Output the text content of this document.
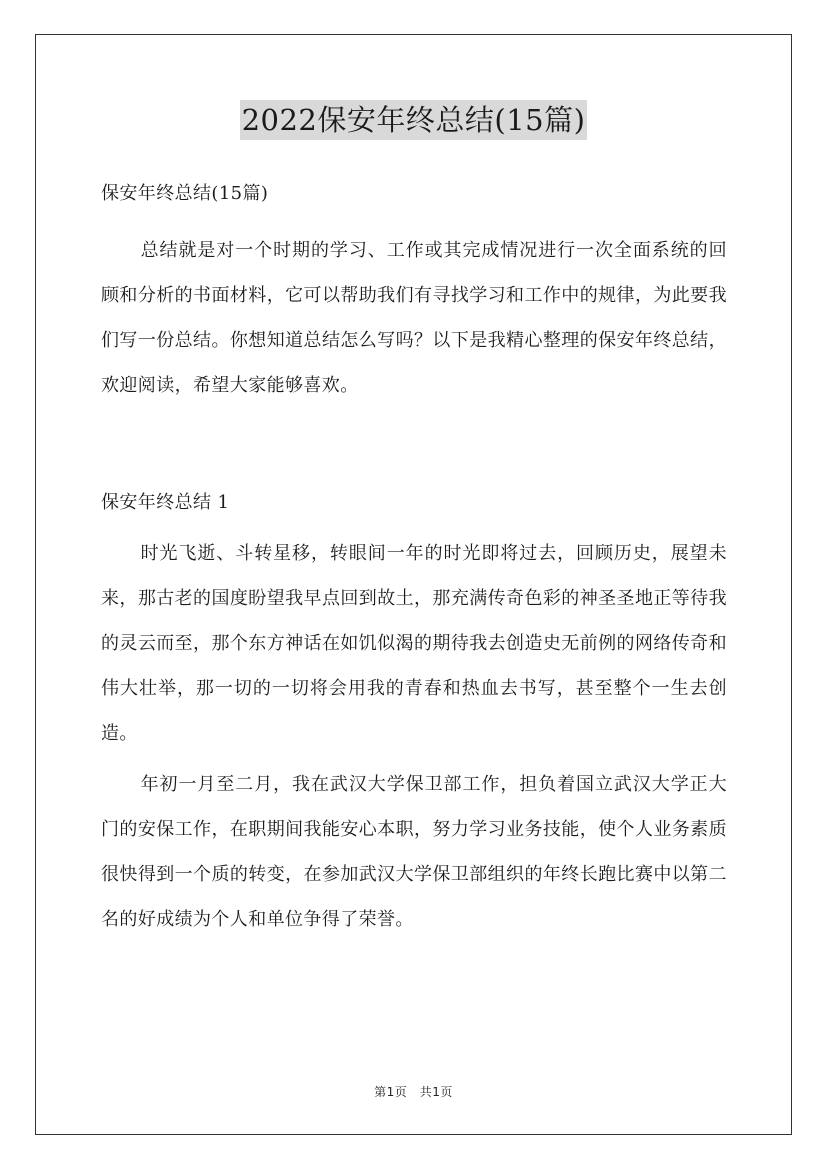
2022保安年终总结(15篇)

保安年终总结(15篇)

总结就是对一个时期的学习、工作或其完成情况进行一次全面系统的回顾和分析的书面材料，它可以帮助我们有寻找学习和工作中的规律，为此要我们写一份总结。你想知道总结怎么写吗？以下是我精心整理的保安年终总结，欢迎阅读，希望大家能够喜欢。

保安年终总结 1

时光飞逝、斗转星移，转眼间一年的时光即将过去，回顾历史，展望未来，那古老的国度盼望我早点回到故土，那充满传奇色彩的神圣圣地正等待我的灵云而至，那个东方神话在如饥似渴的期待我去创造史无前例的网络传奇和伟大壮举，那一切的一切将会用我的青春和热血去书写，甚至整个一生去创造。

年初一月至二月，我在武汉大学保卫部工作，担负着国立武汉大学正大门的安保工作，在职期间我能安心本职，努力学习业务技能，使个人业务素质很快得到一个质的转变，在参加武汉大学保卫部组织的年终长跑比赛中以第二名的好成绩为个人和单位争得了荣誉。

第1页　共1页
